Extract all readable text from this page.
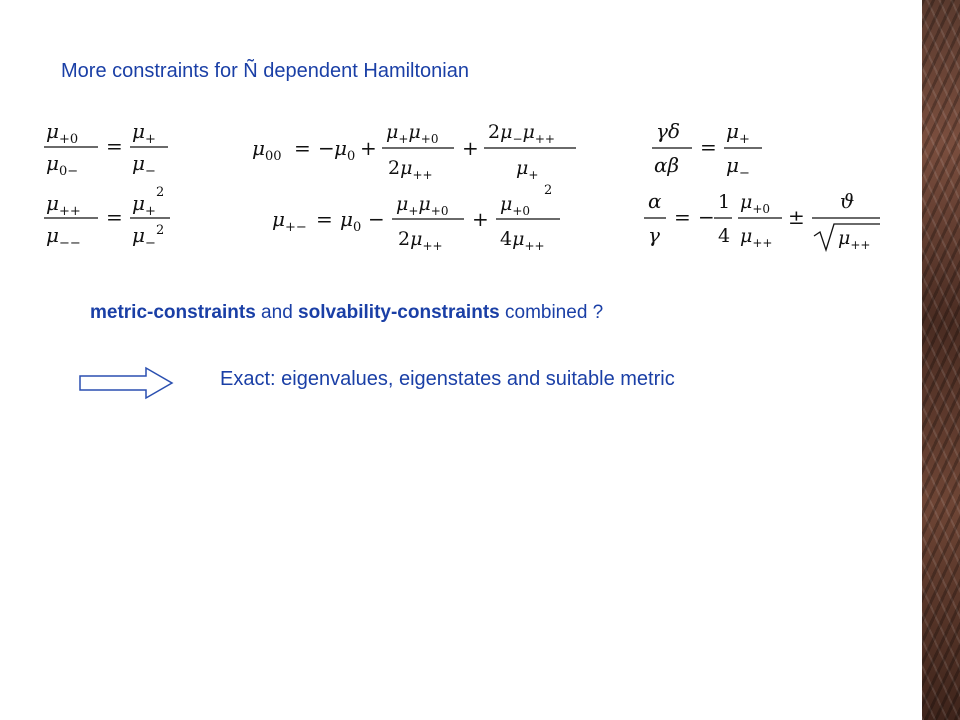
More constraints for Ñ dependent Hamiltonian
$\mu_{+0}$
$\mu_{0-}$
=
$\mu_+$
$\mu_-$
$\mu_{++}$
$\mu_{--}$
=
$\mu_+$
2
$\mu_-$
2
$\mu_{00}$ = − $\mu_0$ +
$\mu_+\mu_{+0}$
$2\mu_{++}$
+
$2\mu_-\mu_{++}$
$\mu_+$
$\mu_{+-} = \mu_0$ −
$\mu_+\mu_{+0}$
$2\mu_{++}$
+
$\mu_{+0}$
2
$4\mu_{++}$
γδ
αβ
=
$\mu_+$
$\mu_-$
α
γ
= −
1
4
$\mu_{+0}$
$\mu_{++}$
±
ϑ
$\mu_{++}$
metric-constraints and solvability-constraints combined ?
Exact: eigenvalues, eigenstates and suitable metric
